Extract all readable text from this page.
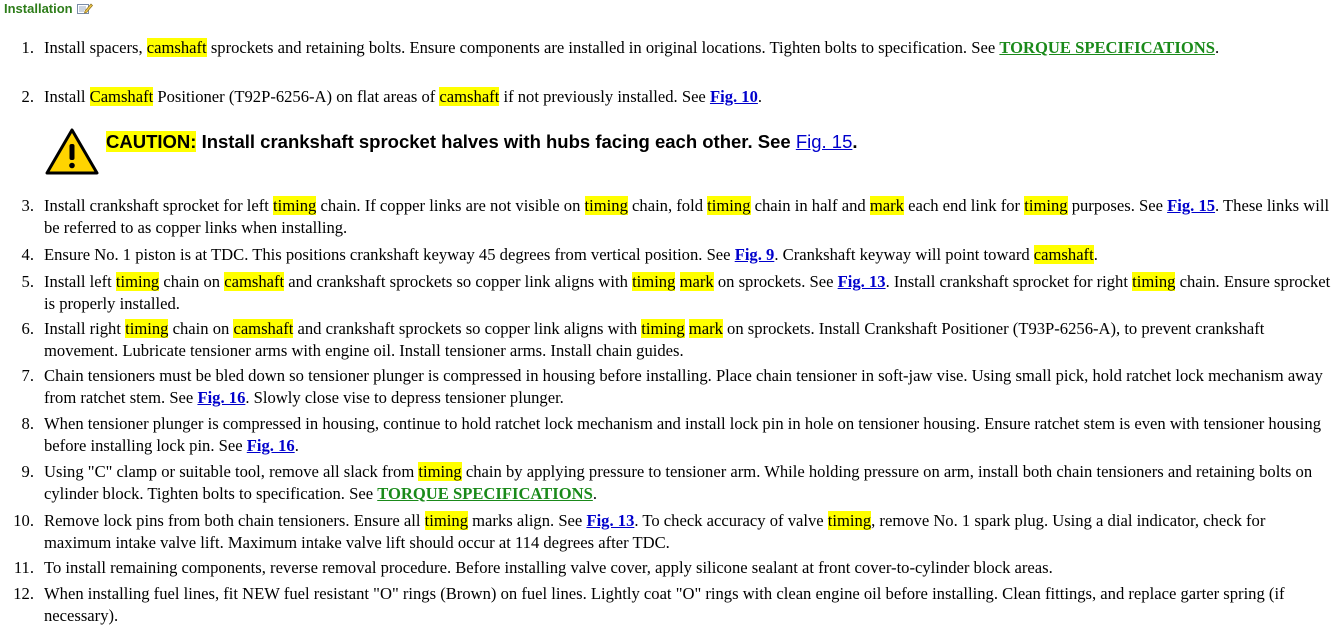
Installation
CAUTION: Install crankshaft sprocket halves with hubs facing each other. See Fig. 15.
1. Install spacers, camshaft sprockets and retaining bolts. Ensure components are installed in original locations. Tighten bolts to specification. See TORQUE SPECIFICATIONS.
2. Install Camshaft Positioner (T92P-6256-A) on flat areas of camshaft if not previously installed. See Fig. 10.
3. Install crankshaft sprocket for left timing chain. If copper links are not visible on timing chain, fold timing chain in half and mark each end link for timing purposes. See Fig. 15. These links will be referred to as copper links when installing.
4. Ensure No. 1 piston is at TDC. This positions crankshaft keyway 45 degrees from vertical position. See Fig. 9. Crankshaft keyway will point toward camshaft.
5. Install left timing chain on camshaft and crankshaft sprockets so copper link aligns with timing mark on sprockets. See Fig. 13. Install crankshaft sprocket for right timing chain. Ensure sprocket is properly installed.
6. Install right timing chain on camshaft and crankshaft sprockets so copper link aligns with timing mark on sprockets. Install Crankshaft Positioner (T93P-6256-A), to prevent crankshaft movement. Lubricate tensioner arms with engine oil. Install tensioner arms. Install chain guides.
7. Chain tensioners must be bled down so tensioner plunger is compressed in housing before installing. Place chain tensioner in soft-jaw vise. Using small pick, hold ratchet lock mechanism away from ratchet stem. See Fig. 16. Slowly close vise to depress tensioner plunger.
8. When tensioner plunger is compressed in housing, continue to hold ratchet lock mechanism and install lock pin in hole on tensioner housing. Ensure ratchet stem is even with tensioner housing before installing lock pin. See Fig. 16.
9. Using "C" clamp or suitable tool, remove all slack from timing chain by applying pressure to tensioner arm. While holding pressure on arm, install both chain tensioners and retaining bolts on cylinder block. Tighten bolts to specification. See TORQUE SPECIFICATIONS.
10. Remove lock pins from both chain tensioners. Ensure all timing marks align. See Fig. 13. To check accuracy of valve timing, remove No. 1 spark plug. Using a dial indicator, check for maximum intake valve lift. Maximum intake valve lift should occur at 114 degrees after TDC.
11. To install remaining components, reverse removal procedure. Before installing valve cover, apply silicone sealant at front cover-to-cylinder block areas.
12. When installing fuel lines, fit NEW fuel resistant "O" rings (Brown) on fuel lines. Lightly coat "O" rings with clean engine oil before installing. Clean fittings, and replace garter spring (if necessary).
